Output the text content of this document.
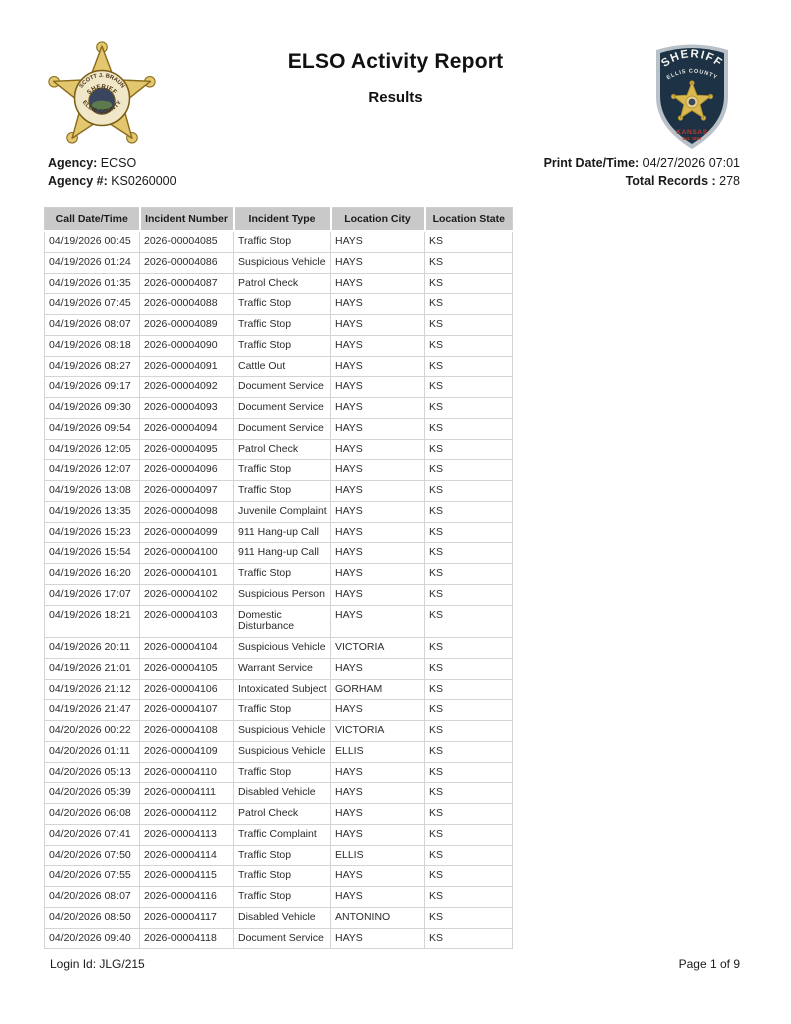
SCOTT J. BRAUN
SHERIFF
ELLIS COUNTY
ELSO Activity Report
Results
SHERIFF
ELLIS COUNTY
KANSAS
Est. 1867
Agency: ECSO
Agency #: KS0260000
Print Date/Time: 04/27/2026 07:01
Total Records : 278
Call Date/Time	Incident Number	Incident Type	Location City	Location State
04/19/2026 00:45	2026-00004085	Traffic Stop	HAYS	KS
04/19/2026 01:24	2026-00004086	Suspicious Vehicle	HAYS	KS
04/19/2026 01:35	2026-00004087	Patrol Check	HAYS	KS
04/19/2026 07:45	2026-00004088	Traffic Stop	HAYS	KS
04/19/2026 08:07	2026-00004089	Traffic Stop	HAYS	KS
04/19/2026 08:18	2026-00004090	Traffic Stop	HAYS	KS
04/19/2026 08:27	2026-00004091	Cattle Out	HAYS	KS
04/19/2026 09:17	2026-00004092	Document Service	HAYS	KS
04/19/2026 09:30	2026-00004093	Document Service	HAYS	KS
04/19/2026 09:54	2026-00004094	Document Service	HAYS	KS
04/19/2026 12:05	2026-00004095	Patrol Check	HAYS	KS
04/19/2026 12:07	2026-00004096	Traffic Stop	HAYS	KS
04/19/2026 13:08	2026-00004097	Traffic Stop	HAYS	KS
04/19/2026 13:35	2026-00004098	Juvenile Complaint	HAYS	KS
04/19/2026 15:23	2026-00004099	911 Hang-up Call	HAYS	KS
04/19/2026 15:54	2026-00004100	911 Hang-up Call	HAYS	KS
04/19/2026 16:20	2026-00004101	Traffic Stop	HAYS	KS
04/19/2026 17:07	2026-00004102	Suspicious Person	HAYS	KS
04/19/2026 18:21	2026-00004103	Domestic Disturbance	HAYS	KS
04/19/2026 20:11	2026-00004104	Suspicious Vehicle	VICTORIA	KS
04/19/2026 21:01	2026-00004105	Warrant Service	HAYS	KS
04/19/2026 21:12	2026-00004106	Intoxicated Subject	GORHAM	KS
04/19/2026 21:47	2026-00004107	Traffic Stop	HAYS	KS
04/20/2026 00:22	2026-00004108	Suspicious Vehicle	VICTORIA	KS
04/20/2026 01:11	2026-00004109	Suspicious Vehicle	ELLIS	KS
04/20/2026 05:13	2026-00004110	Traffic Stop	HAYS	KS
04/20/2026 05:39	2026-00004111	Disabled Vehicle	HAYS	KS
04/20/2026 06:08	2026-00004112	Patrol Check	HAYS	KS
04/20/2026 07:41	2026-00004113	Traffic Complaint	HAYS	KS
04/20/2026 07:50	2026-00004114	Traffic Stop	ELLIS	KS
04/20/2026 07:55	2026-00004115	Traffic Stop	HAYS	KS
04/20/2026 08:07	2026-00004116	Traffic Stop	HAYS	KS
04/20/2026 08:50	2026-00004117	Disabled Vehicle	ANTONINO	KS
04/20/2026 09:40	2026-00004118	Document Service	HAYS	KS
Login Id: JLG/215	Page 1 of 9
